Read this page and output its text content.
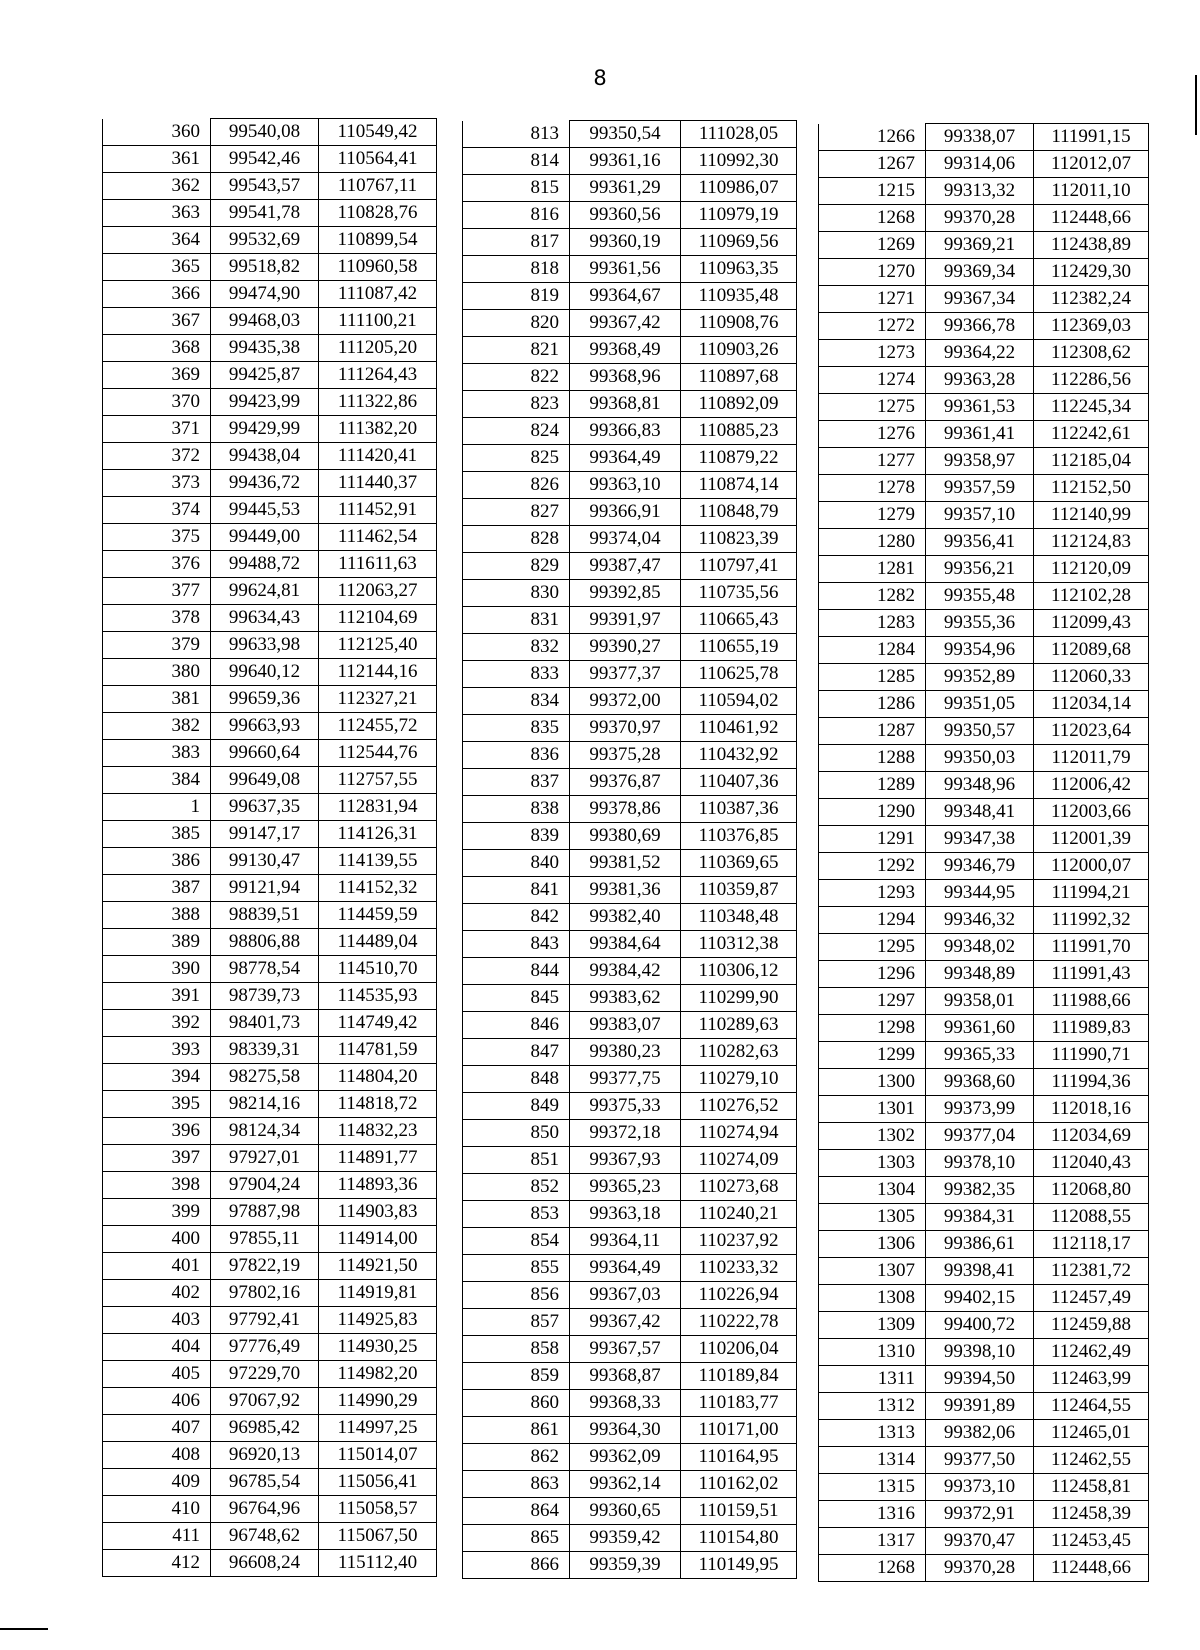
8
360	99540,08	110549,42
361	99542,46	110564,41
362	99543,57	110767,11
363	99541,78	110828,76
364	99532,69	110899,54
365	99518,82	110960,58
366	99474,90	111087,42
367	99468,03	111100,21
368	99435,38	111205,20
369	99425,87	111264,43
370	99423,99	111322,86
371	99429,99	111382,20
372	99438,04	111420,41
373	99436,72	111440,37
374	99445,53	111452,91
375	99449,00	111462,54
376	99488,72	111611,63
377	99624,81	112063,27
378	99634,43	112104,69
379	99633,98	112125,40
380	99640,12	112144,16
381	99659,36	112327,21
382	99663,93	112455,72
383	99660,64	112544,76
384	99649,08	112757,55
1	99637,35	112831,94
385	99147,17	114126,31
386	99130,47	114139,55
387	99121,94	114152,32
388	98839,51	114459,59
389	98806,88	114489,04
390	98778,54	114510,70
391	98739,73	114535,93
392	98401,73	114749,42
393	98339,31	114781,59
394	98275,58	114804,20
395	98214,16	114818,72
396	98124,34	114832,23
397	97927,01	114891,77
398	97904,24	114893,36
399	97887,98	114903,83
400	97855,11	114914,00
401	97822,19	114921,50
402	97802,16	114919,81
403	97792,41	114925,83
404	97776,49	114930,25
405	97229,70	114982,20
406	97067,92	114990,29
407	96985,42	114997,25
408	96920,13	115014,07
409	96785,54	115056,41
410	96764,96	115058,57
411	96748,62	115067,50
412	96608,24	115112,40
813	99350,54	111028,05
814	99361,16	110992,30
815	99361,29	110986,07
816	99360,56	110979,19
817	99360,19	110969,56
818	99361,56	110963,35
819	99364,67	110935,48
820	99367,42	110908,76
821	99368,49	110903,26
822	99368,96	110897,68
823	99368,81	110892,09
824	99366,83	110885,23
825	99364,49	110879,22
826	99363,10	110874,14
827	99366,91	110848,79
828	99374,04	110823,39
829	99387,47	110797,41
830	99392,85	110735,56
831	99391,97	110665,43
832	99390,27	110655,19
833	99377,37	110625,78
834	99372,00	110594,02
835	99370,97	110461,92
836	99375,28	110432,92
837	99376,87	110407,36
838	99378,86	110387,36
839	99380,69	110376,85
840	99381,52	110369,65
841	99381,36	110359,87
842	99382,40	110348,48
843	99384,64	110312,38
844	99384,42	110306,12
845	99383,62	110299,90
846	99383,07	110289,63
847	99380,23	110282,63
848	99377,75	110279,10
849	99375,33	110276,52
850	99372,18	110274,94
851	99367,93	110274,09
852	99365,23	110273,68
853	99363,18	110240,21
854	99364,11	110237,92
855	99364,49	110233,32
856	99367,03	110226,94
857	99367,42	110222,78
858	99367,57	110206,04
859	99368,87	110189,84
860	99368,33	110183,77
861	99364,30	110171,00
862	99362,09	110164,95
863	99362,14	110162,02
864	99360,65	110159,51
865	99359,42	110154,80
866	99359,39	110149,95
1266	99338,07	111991,15
1267	99314,06	112012,07
1215	99313,32	112011,10
1268	99370,28	112448,66
1269	99369,21	112438,89
1270	99369,34	112429,30
1271	99367,34	112382,24
1272	99366,78	112369,03
1273	99364,22	112308,62
1274	99363,28	112286,56
1275	99361,53	112245,34
1276	99361,41	112242,61
1277	99358,97	112185,04
1278	99357,59	112152,50
1279	99357,10	112140,99
1280	99356,41	112124,83
1281	99356,21	112120,09
1282	99355,48	112102,28
1283	99355,36	112099,43
1284	99354,96	112089,68
1285	99352,89	112060,33
1286	99351,05	112034,14
1287	99350,57	112023,64
1288	99350,03	112011,79
1289	99348,96	112006,42
1290	99348,41	112003,66
1291	99347,38	112001,39
1292	99346,79	112000,07
1293	99344,95	111994,21
1294	99346,32	111992,32
1295	99348,02	111991,70
1296	99348,89	111991,43
1297	99358,01	111988,66
1298	99361,60	111989,83
1299	99365,33	111990,71
1300	99368,60	111994,36
1301	99373,99	112018,16
1302	99377,04	112034,69
1303	99378,10	112040,43
1304	99382,35	112068,80
1305	99384,31	112088,55
1306	99386,61	112118,17
1307	99398,41	112381,72
1308	99402,15	112457,49
1309	99400,72	112459,88
1310	99398,10	112462,49
1311	99394,50	112463,99
1312	99391,89	112464,55
1313	99382,06	112465,01
1314	99377,50	112462,55
1315	99373,10	112458,81
1316	99372,91	112458,39
1317	99370,47	112453,45
1268	99370,28	112448,66
